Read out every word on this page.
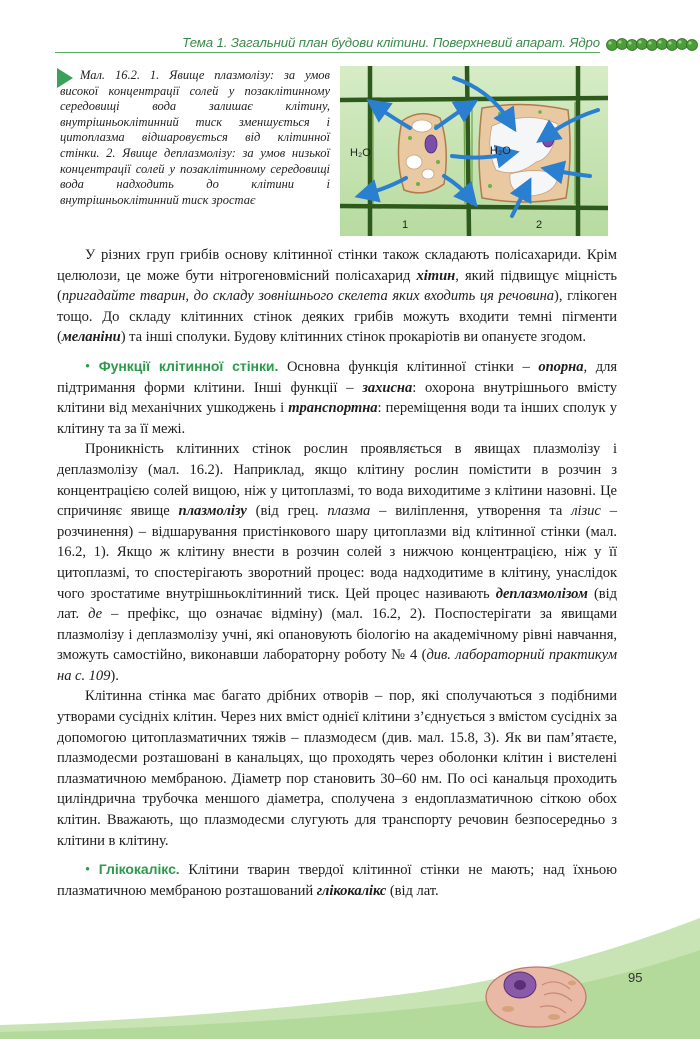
Тема 1. Загальний план будови клітини. Поверхневий апарат. Ядро
Мал. 16.2. 1. Явище плазмолізу: за умов високої концентрації солей у позаклітинному середовищі вода залишає клітину, внутрішньоклітинний тиск зменшується і цитоплазма відшаровується від клітинної стінки. 2. Явище деплазмолізу: за умов низької концентрації солей у позаклітинному середовищі вода надходить до клітини і внутрішньоклітинний тиск зростає
H₂O	H₂O
1	2

У різних груп грибів основу клітинної стінки також складають полісахариди. Крім целюлози, це може бути нітрогеновмісний полісахарид хітин, який підвищує міцність (пригадайте тварин, до складу зовнішнього скелета яких входить ця речовина), глікоген тощо. До складу клітинних стінок деяких грибів можуть входити темні пігменти (меланіни) та інші сполуки. Будову клітинних стінок прокаріотів ви опануєте згодом.

• Функції клітинної стінки. Основна функція клітинної стінки – опорна, для підтримання форми клітини. Інші функції – захисна: охорона внутрішнього вмісту клітини від механічних ушкоджень і транспортна: переміщення води та інших сполук у клітину та за її межі.

Проникність клітинних стінок рослин проявляється в явищах плазмолізу і деплазмолізу (мал. 16.2). Наприклад, якщо клітину рослин помістити в розчин з концентрацією солей вищою, ніж у цитоплазмі, то вода виходитиме з клітини назовні. Це спричиняє явище плазмолізу (від грец. плазма – виліплення, утворення та лізис – розчинення) – відшарування пристінкового шару цитоплазми від клітинної стінки (мал. 16.2, 1). Якщо ж клітину внести в розчин солей з нижчою концентрацією, ніж у її цитоплазмі, то спостерігають зворотний процес: вода надходитиме в клітину, унаслідок чого зростатиме внутрішньоклітинний тиск. Цей процес називають деплазмолізом (від лат. де – префікс, що означає відміну) (мал. 16.2, 2). Поспостерігати за явищами плазмолізу і деплазмолізу учні, які опановують біологію на академічному рівні навчання, зможуть самостійно, виконавши лабораторну роботу № 4 (див. лабораторний практикум на с. 109).

Клітинна стінка має багато дрібних отворів – пор, які сполучаються з подібними утворами сусідніх клітин. Через них вміст однієї клітини з’єднується з вмістом сусідніх за допомогою цитоплазматичних тяжів – плазмодесм (див. мал. 15.8, 3). Як ви пам’ятаєте, плазмодесми розташовані в канальцях, що проходять через оболонки клітин і вистелені плазматичною мембраною. Діаметр пор становить 30–60 нм. По осі канальця проходить циліндрична трубочка меншого діаметра, сполучена з ендоплазматичною сіткою обох клітин. Вважають, що плазмодесми слугують для транспорту речовин безпосередньо з клітини в клітину.

• Глікокалікс. Клітини тварин твердої клітинної стінки не мають; над їхньою плазматичною мембраною розташований глікокалікс (від лат.

95
